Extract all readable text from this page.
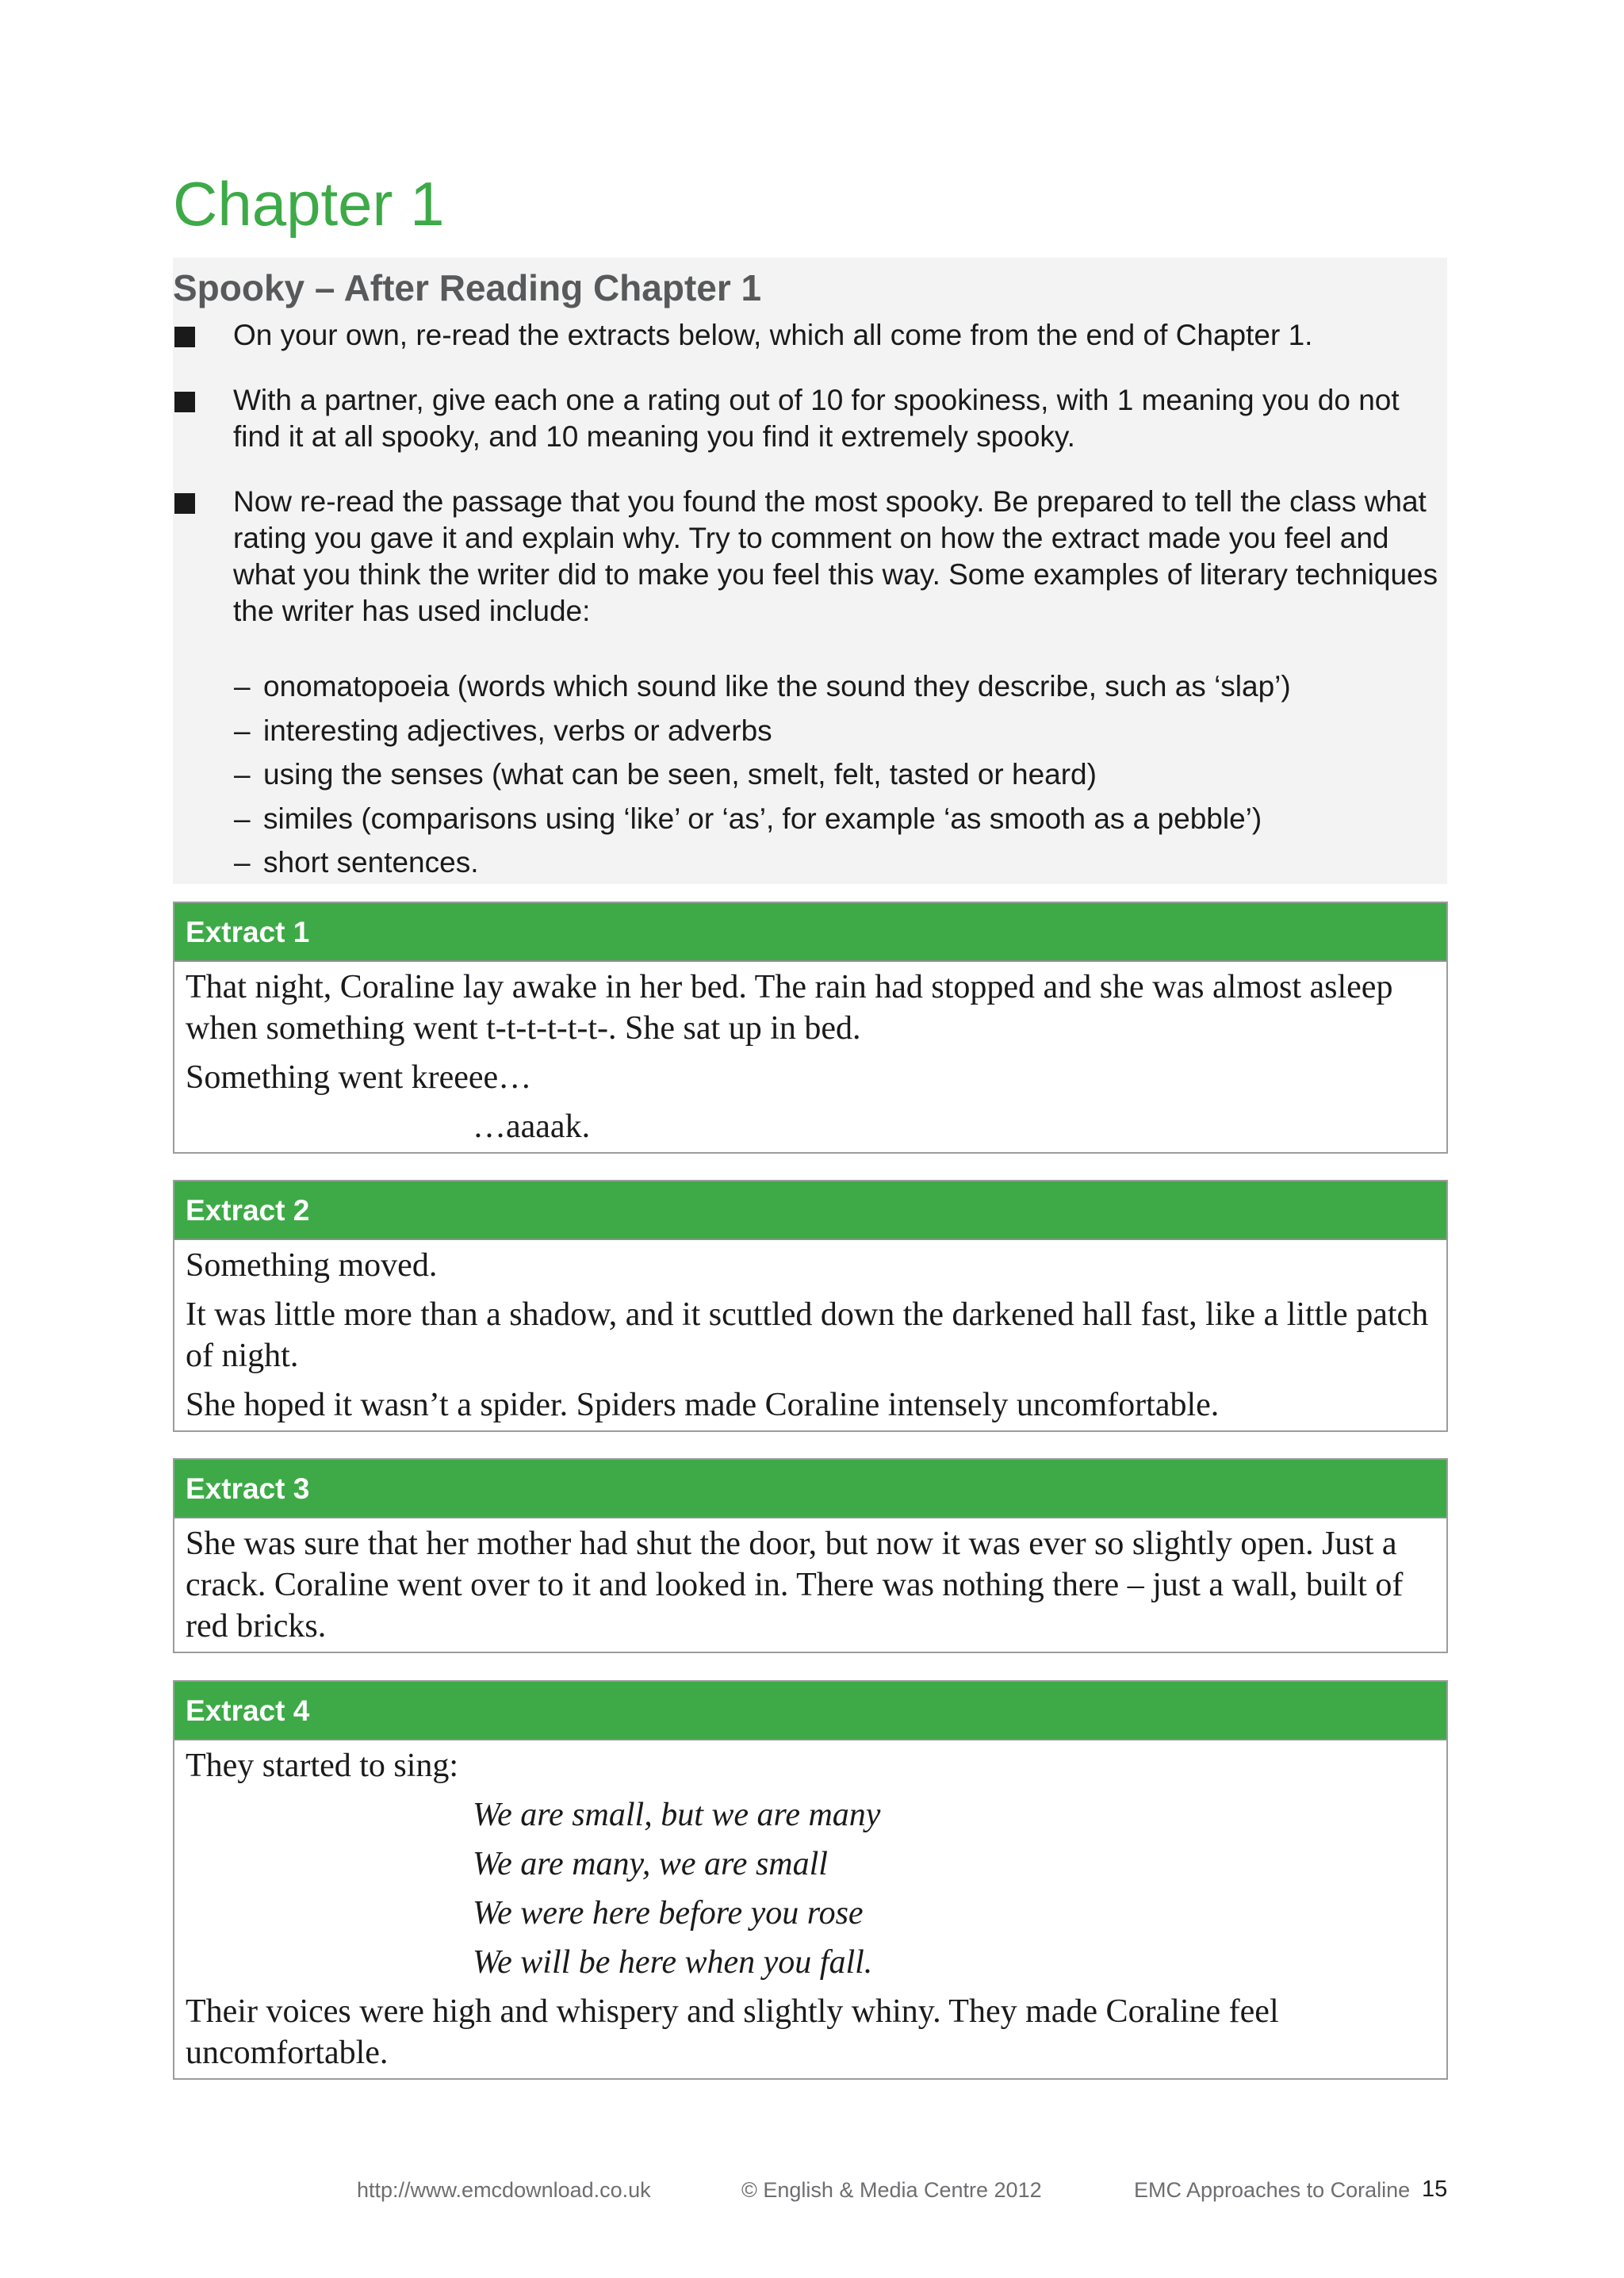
Chapter 1
Spooky – After Reading Chapter 1
On your own, re-read the extracts below, which all come from the end of Chapter 1.
With a partner, give each one a rating out of 10 for spookiness, with 1 meaning you do not find it at all spooky, and 10 meaning you find it extremely spooky.
Now re-read the passage that you found the most spooky. Be prepared to tell the class what rating you gave it and explain why. Try to comment on how the extract made you feel and what you think the writer did to make you feel this way. Some examples of literary techniques the writer has used include:
– onomatopoeia (words which sound like the sound they describe, such as ‘slap’)
– interesting adjectives, verbs or adverbs
– using the senses (what can be seen, smelt, felt, tasted or heard)
– similes (comparisons using ‘like’ or ‘as’, for example ‘as smooth as a pebble’)
– short sentences.
Extract 1

That night, Coraline lay awake in her bed. The rain had stopped and she was almost asleep when something went t-t-t-t-t-t-. She sat up in bed.

Something went kreeee…

…aaaak.

Extract 2

Something moved.

It was little more than a shadow, and it scuttled down the darkened hall fast, like a little patch of night.

She hoped it wasn’t a spider. Spiders made Coraline intensely uncomfortable.

Extract 3

She was sure that her mother had shut the door, but now it was ever so slightly open. Just a crack. Coraline went over to it and looked in. There was nothing there – just a wall, built of red bricks.

Extract 4

They started to sing:

We are small, but we are many

We are many, we are small

We were here before you rose

We will be here when you fall.

Their voices were high and whispery and slightly whiny. They made Coraline feel uncomfortable.

http://www.emcdownload.co.uk	© English & Media Centre 2012	EMC Approaches to Coraline 15
